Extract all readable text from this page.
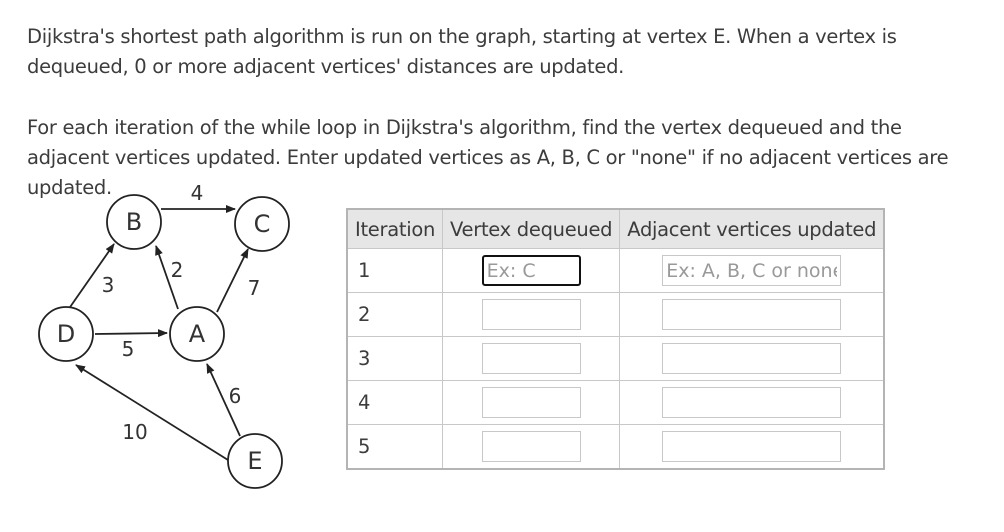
Dijkstra's shortest path algorithm is run on the graph, starting at vertex E. When a vertex is dequeued, 0 or more adjacent vertices' distances are updated.

For each iteration of the while loop in Dijkstra's algorithm, find the vertex dequeued and the adjacent vertices updated. Enter updated vertices as A, B, C or "none" if no adjacent vertices are updated.	4
3
2
7
5
6
10
B	C
D	A
E
Iteration	Vertex dequeued	Adjacent vertices updated
1	Ex: C	Ex: A, B, C or none
2		
3		
4		
5		
